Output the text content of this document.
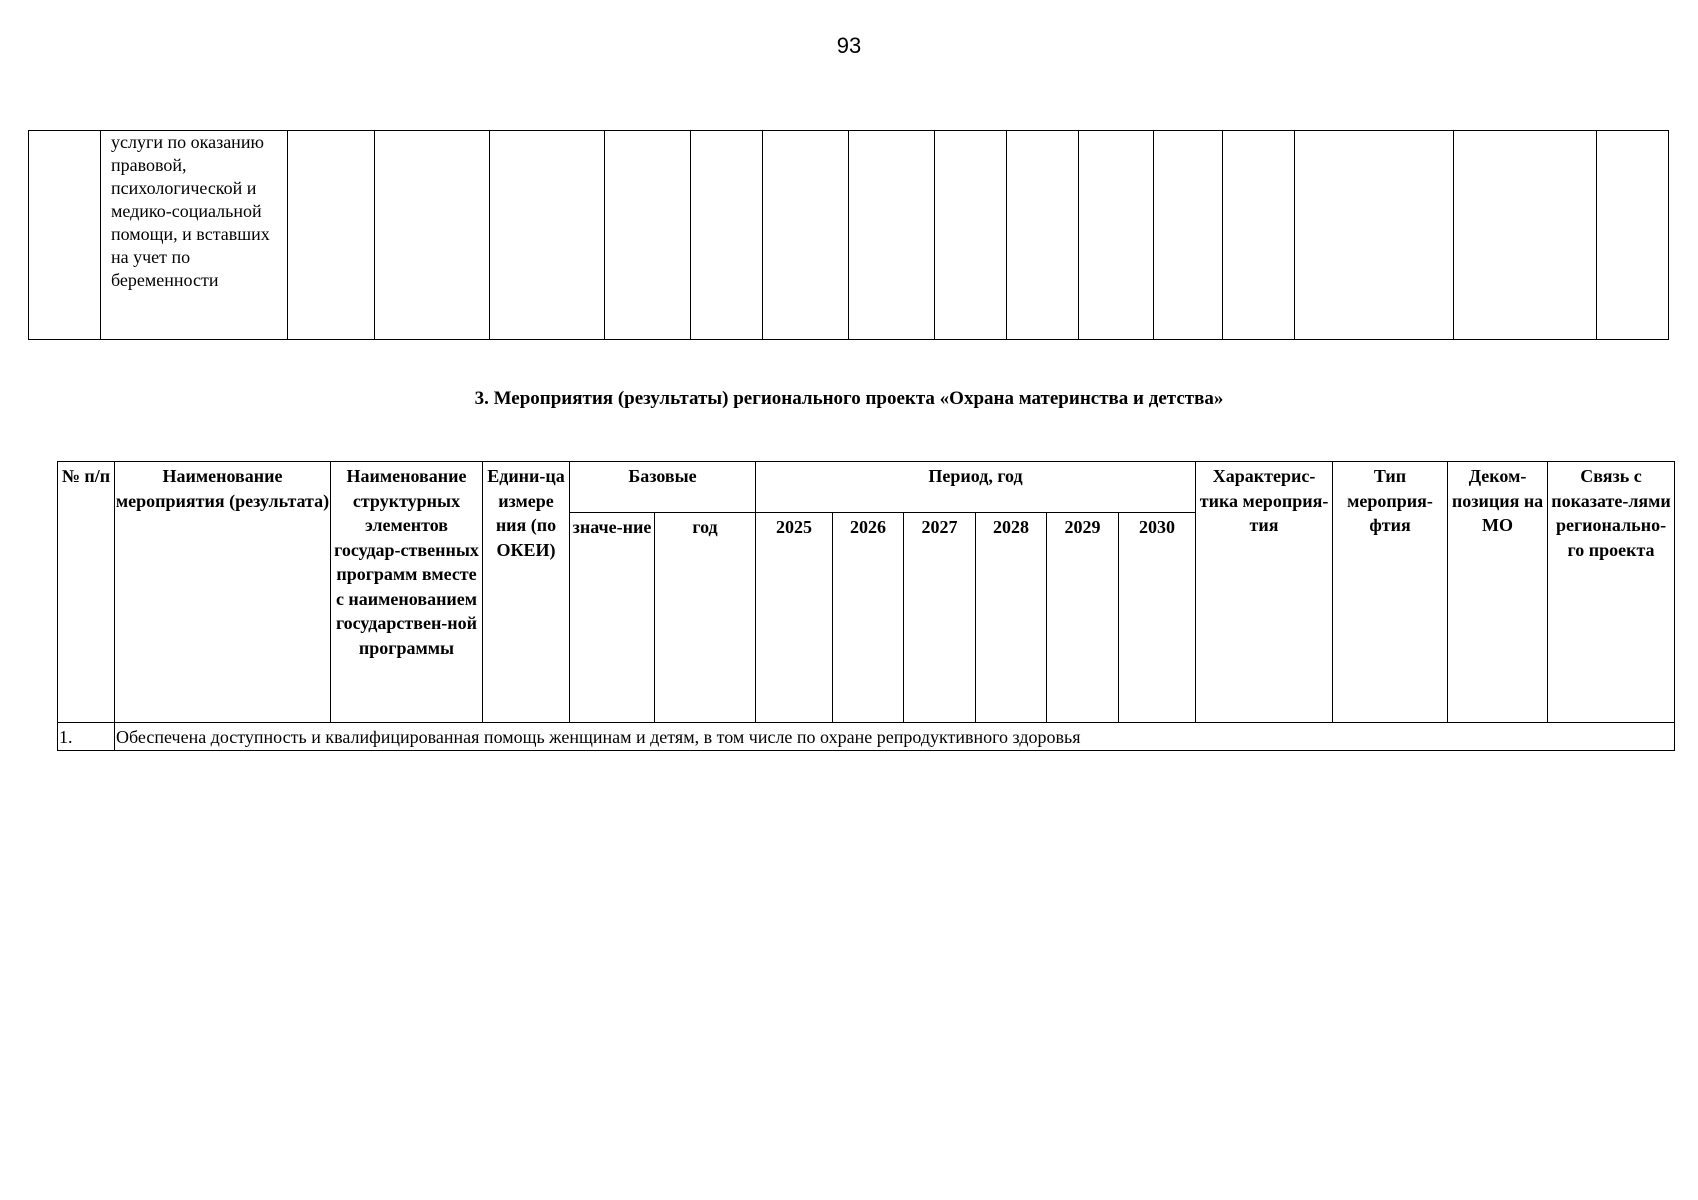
93
	услуги по оказанию правовой, психологической и медико-социальной помощи, и вставших на учет по беременности															
3. Мероприятия (результаты) регионального проекта «Охрана материнства и детства»
№ п/п	Наименование мероприятия (результата)	Наименование структурных элементов государ-ственных программ вместе с наименованием государствен-ной программы	Едини-ца измере ния (по ОКЕИ)	Базовые		Период, год						Характерис-тика мероприя-тия	Тип мероприя-фтия	Деком-позиция на МО	Связь с показате-лями регионально-го проекта
				значе-ние	год	2025	2026	2027	2028	2029	2030				
1.	Обеспечена доступность и квалифицированная помощь женщинам и детям, в том числе по охране репродуктивного здоровья														
